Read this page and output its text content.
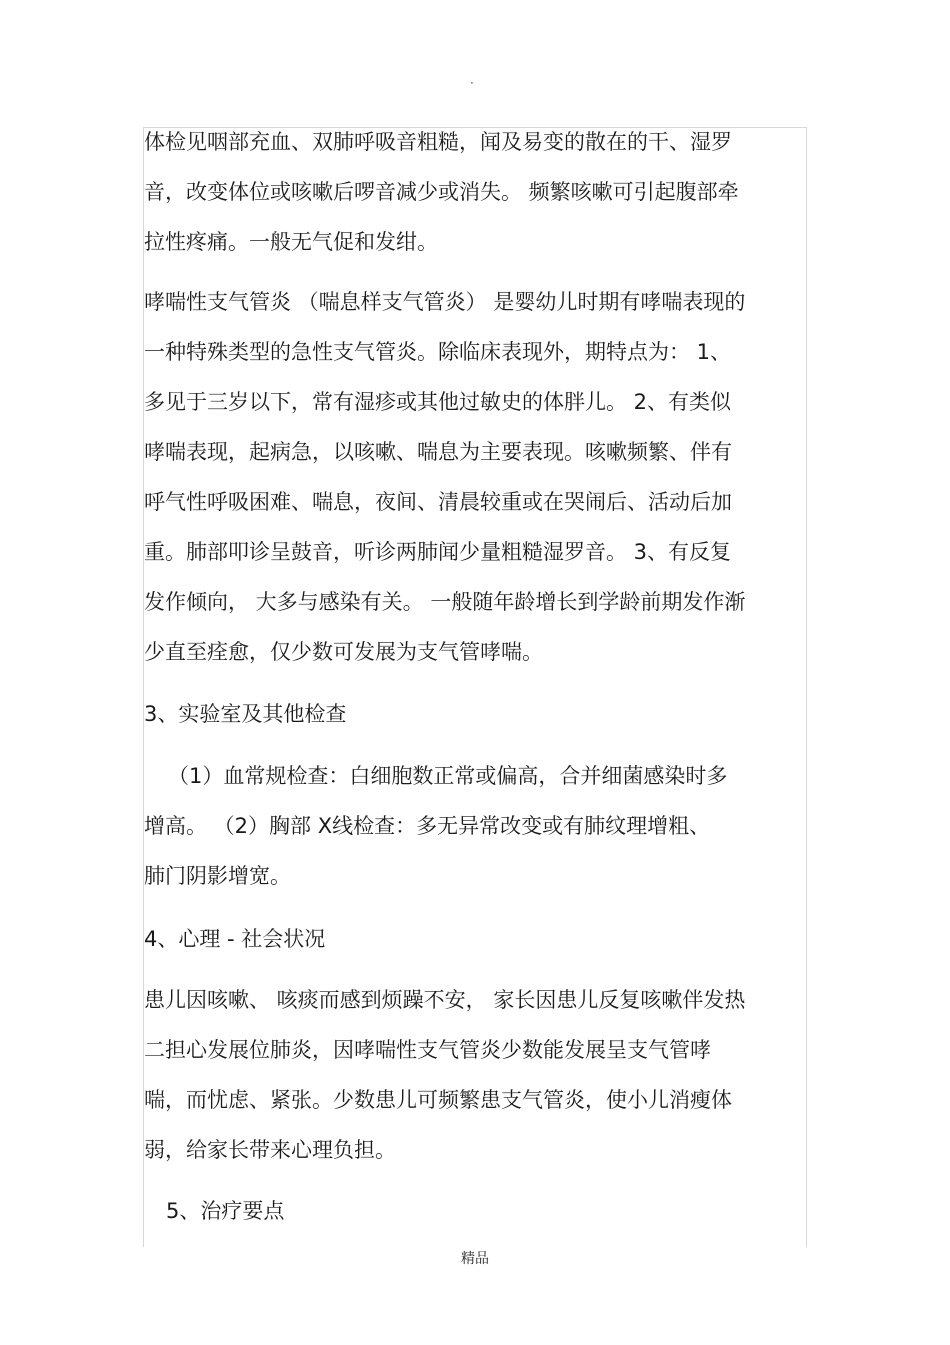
·
体检见咽部充血、双肺呼吸音粗糙，闻及易变的散在的干、湿罗
音，改变体位或咳嗽后啰音减少或消失。 频繁咳嗽可引起腹部牵
拉性疼痛。一般无气促和发绀。
哮喘性支气管炎 （喘息样支气管炎） 是婴幼儿时期有哮喘表现的
一种特殊类型的急性支气管炎。除临床表现外，期特点为： 1、
多见于三岁以下，常有湿疹或其他过敏史的体胖儿。 2、有类似
哮喘表现，起病急，以咳嗽、喘息为主要表现。咳嗽频繁、伴有
呼气性呼吸困难、喘息，夜间、清晨较重或在哭闹后、活动后加
重。肺部叩诊呈鼓音，听诊两肺闻少量粗糙湿罗音。 3、有反复
发作倾向， 大多与感染有关。 一般随年龄增长到学龄前期发作渐
少直至痊愈，仅少数可发展为支气管哮喘。
3、实验室及其他检查
（1）血常规检查：白细胞数正常或偏高，合并细菌感染时多
增高。 （2）胸部 X线检查：多无异常改变或有肺纹理增粗、
肺门阴影增宽。
4、心理 - 社会状况
患儿因咳嗽、 咳痰而感到烦躁不安， 家长因患儿反复咳嗽伴发热
二担心发展位肺炎，因哮喘性支气管炎少数能发展呈支气管哮
喘，而忧虑、紧张。少数患儿可频繁患支气管炎，使小儿消瘦体
弱，给家长带来心理负担。
5、治疗要点
精品
